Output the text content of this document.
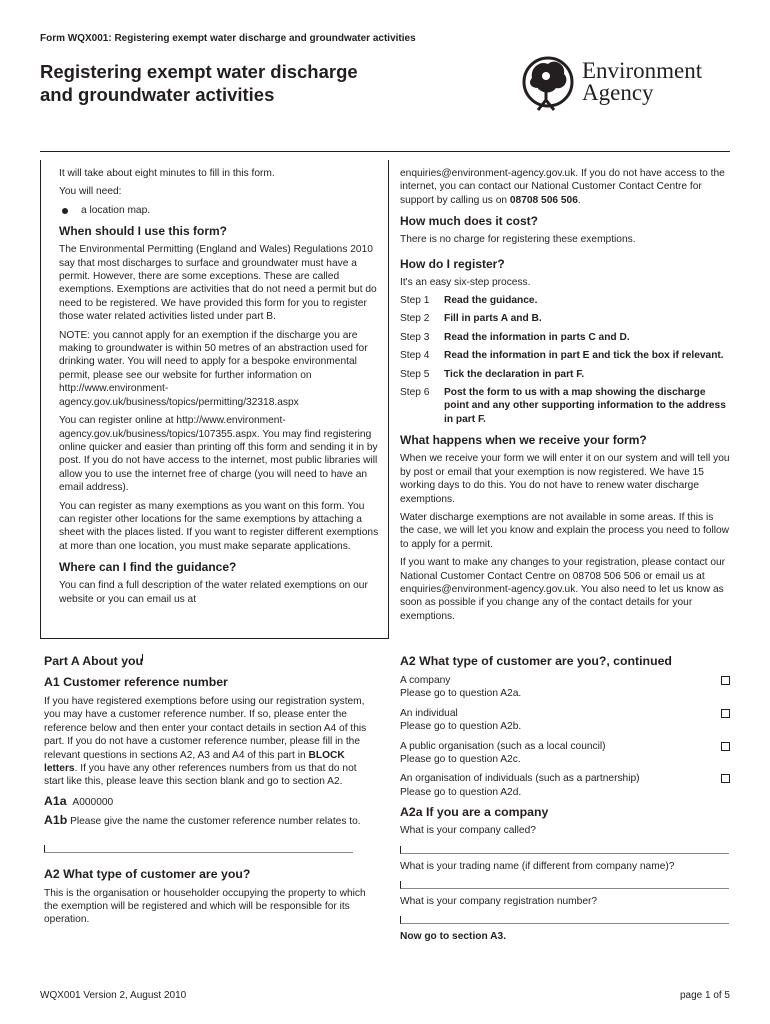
Form WQX001: Registering exempt water discharge and groundwater activities
Registering exempt water discharge
and groundwater activities
Environment
Agency

It will take about eight minutes to fill in this form.

You will need:

a location map.

When should I use this form?

The Environmental Permitting (England and Wales) Regulations 2010 say that most discharges to surface and groundwater must have a permit. However, there are some exceptions. These are called exemptions. Exemptions are activities that do not need a permit but do need to be registered. We have provided this form for you to register those water related activities listed under part B.

NOTE: you cannot apply for an exemption if the discharge you are making to groundwater is within 50 metres of an abstraction used for drinking water. You will need to apply for a bespoke environmental permit, please see our website for further information on http://www.environment-agency.gov.uk/business/topics/permitting/32318.aspx

You can register online at http://www.environment-agency.gov.uk/business/topics/107355.aspx. You may find registering online quicker and easier than printing off this form and sending it in by post. If you do not have access to the internet, most public libraries will allow you to use the internet free of charge (you will need to have an email address).

You can register as many exemptions as you want on this form. You can register other locations for the same exemptions by attaching a sheet with the places listed. If you want to register different exemptions at more than one location, you must make separate applications.

Where can I find the guidance?

You can find a full description of the water related exemptions on our website or you can email us at

enquiries@environment-agency.gov.uk. If you do not have access to the internet, you can contact our National Customer Contact Centre for support by calling us on 08708 506 506.

How much does it cost?

There is no charge for registering these exemptions.

How do I register?

It's an easy six-step process.

Step 1	Read the guidance.
Step 2	Fill in parts A and B.
Step 3	Read the information in parts C and D.
Step 4	Read the information in part E and tick the box if relevant.
Step 5	Tick the declaration in part F.
Step 6	Post the form to us with a map showing the discharge point and any other supporting information to the address in part F.
What happens when we receive your form?

When we receive your form we will enter it on our system and will tell you by post or email that your exemption is now registered. We have 15 working days to do this. You do not have to renew water discharge exemptions.

Water discharge exemptions are not available in some areas. If this is the case, we will let you know and explain the process you need to follow to apply for a permit.

If you want to make any changes to your registration, please contact our National Customer Contact Centre on 08708 506 506 or email us at enquiries@environment-agency.gov.uk. You also need to let us know as soon as possible if you change any of the contact details for your exemptions.

Part A About you
A1 Customer reference number

If you have registered exemptions before using our registration system, you may have a customer reference number. If so, please enter the reference below and then enter your contact details in section A4 of this part. If you do not have a customer reference number, please fill in the relevant questions in sections A2, A3 and A4 of this part in BLOCK letters. If you have any other references numbers from us that do not start like this, please leave this section blank and go to section A2.

A1a A000000
A1b Please give the name the customer reference number relates to.
A2 What type of customer are you?

This is the organisation or householder occupying the property to which the exemption will be registered and which will be responsible for its operation.

A2 What type of customer are you?, continued
A company
Please go to question A2a.
An individual
Please go to question A2b.
A public organisation (such as a local council)
Please go to question A2c.
An organisation of individuals (such as a partnership)
Please go to question A2d.
A2a If you are a company
What is your company called?
What is your trading name (if different from company name)?
What is your company registration number?
Now go to section A3.
WQX001 Version 2, August 2010	page 1 of 5
